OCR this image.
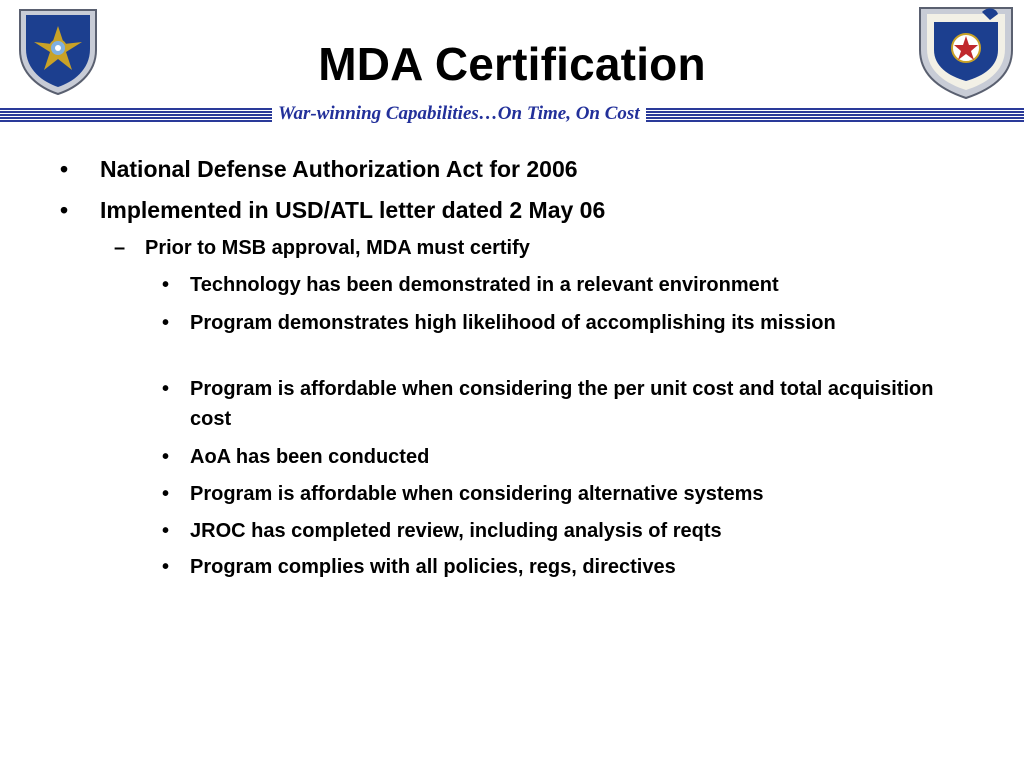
MDA Certification
War-winning Capabilities…On Time, On Cost
•	National Defense Authorization Act for 2006
•	Implemented in USD/ATL letter dated 2 May 06
– Prior to MSB approval, MDA must certify
• Technology has been demonstrated in a relevant environment
• Program demonstrates high likelihood of accomplishing its mission
• Program is affordable when considering the per unit cost and total acquisition cost
• AoA has been conducted
• Program is affordable when considering alternative systems
• JROC has completed review, including analysis of reqts
• Program complies with all policies, regs, directives
